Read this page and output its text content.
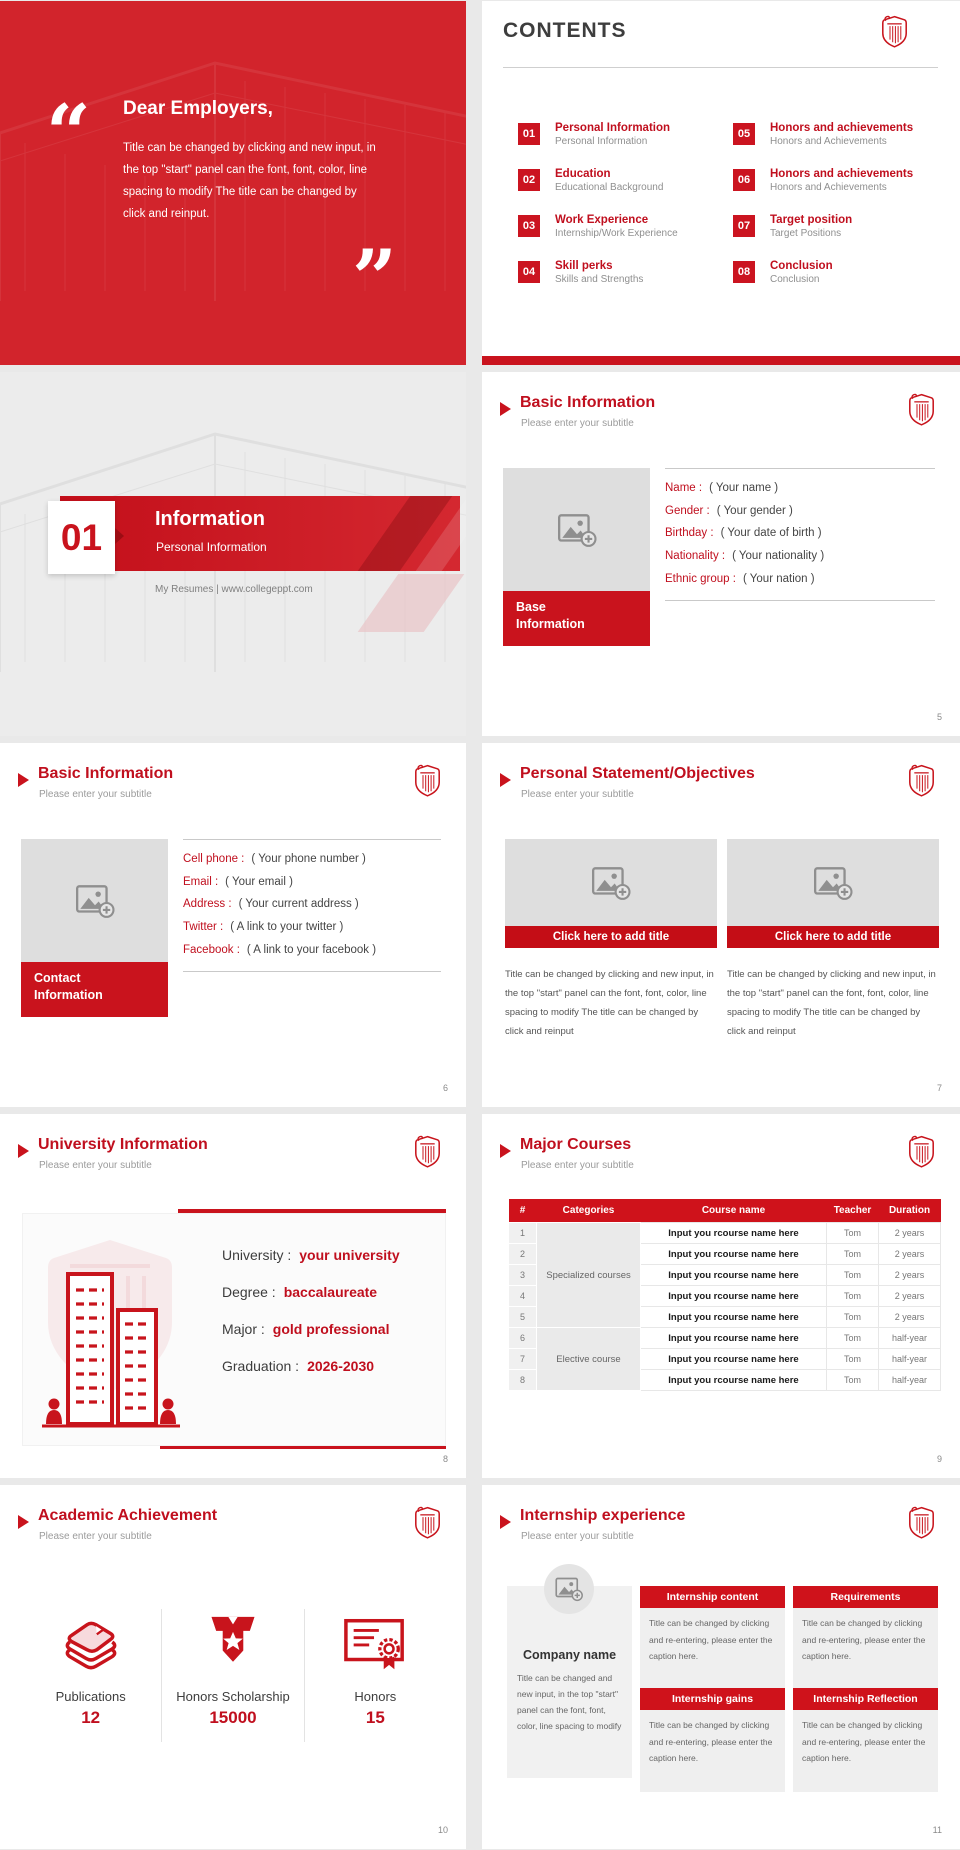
“ Dear Employers,

Title can be changed by clicking and new input, in the top "start" panel can the font, font, color, line spacing to modify The title can be changed by click and reinput.

”
CONTENTS
01	Personal Information
Personal Information
02	Education
Educational Background
03	Work Experience
Internship/Work Experience
04	Skill perks
Skills and Strengths
05	Honors and achievements
Honors and Achievements
06	Honors and achievements
Honors and Achievements
07	Target position
Target Positions
08	Conclusion
Conclusion
Information
Personal Information
01
My Resumes | www.collegeppt.com
Basic Information
Please enter your subtitle
Base Information
Name : ( Your name )
Gender : ( Your gender )
Birthday : ( Your date of birth )
Nationality : ( Your nationality )
Ethnic group : ( Your nation )
5
Basic Information
Please enter your subtitle
Contact Information
Cell phone : ( Your phone number )
Email : ( Your email )
Address : ( Your current address )
Twitter : ( A link to your twitter )
Facebook : ( A link to your facebook )
6
Personal Statement/Objectives
Please enter your subtitle
Click here to add title
Title can be changed by clicking and new input, in the top "start" panel can the font, font, color, line spacing to modify The title can be changed by click and reinput
Click here to add title
Title can be changed by clicking and new input, in the top "start" panel can the font, font, color, line spacing to modify The title can be changed by click and reinput
7
University Information
Please enter your subtitle
University : your university
Degree : baccalaureate
Major : gold professional
Graduation : 2026-2030
8
Major Courses
Please enter your subtitle
#	Categories	Course name	Teacher	Duration
1	Specialized courses	Input you rcourse name here	Tom	2 years
2		Input you rcourse name here	Tom	2 years
3		Input you rcourse name here	Tom	2 years
4		Input you rcourse name here	Tom	2 years
5		Input you rcourse name here	Tom	2 years
6	Elective course	Input you rcourse name here	Tom	half-year
7		Input you rcourse name here	Tom	half-year
8		Input you rcourse name here	Tom	half-year
9
Academic Achievement
Please enter your subtitle
Publications
12
Honors Scholarship
15000
Honors
15
10
Internship experience
Please enter your subtitle
Company name
Title can be changed and new input, in the top "start" panel can the font, font, color, line spacing to modify
Internship content
Title can be changed by clicking and re-entering, please enter the caption here.
Requirements
Title can be changed by clicking and re-entering, please enter the caption here.
Internship gains
Title can be changed by clicking and re-entering, please enter the caption here.
Internship Reflection
Title can be changed by clicking and re-entering, please enter the caption here.
11
